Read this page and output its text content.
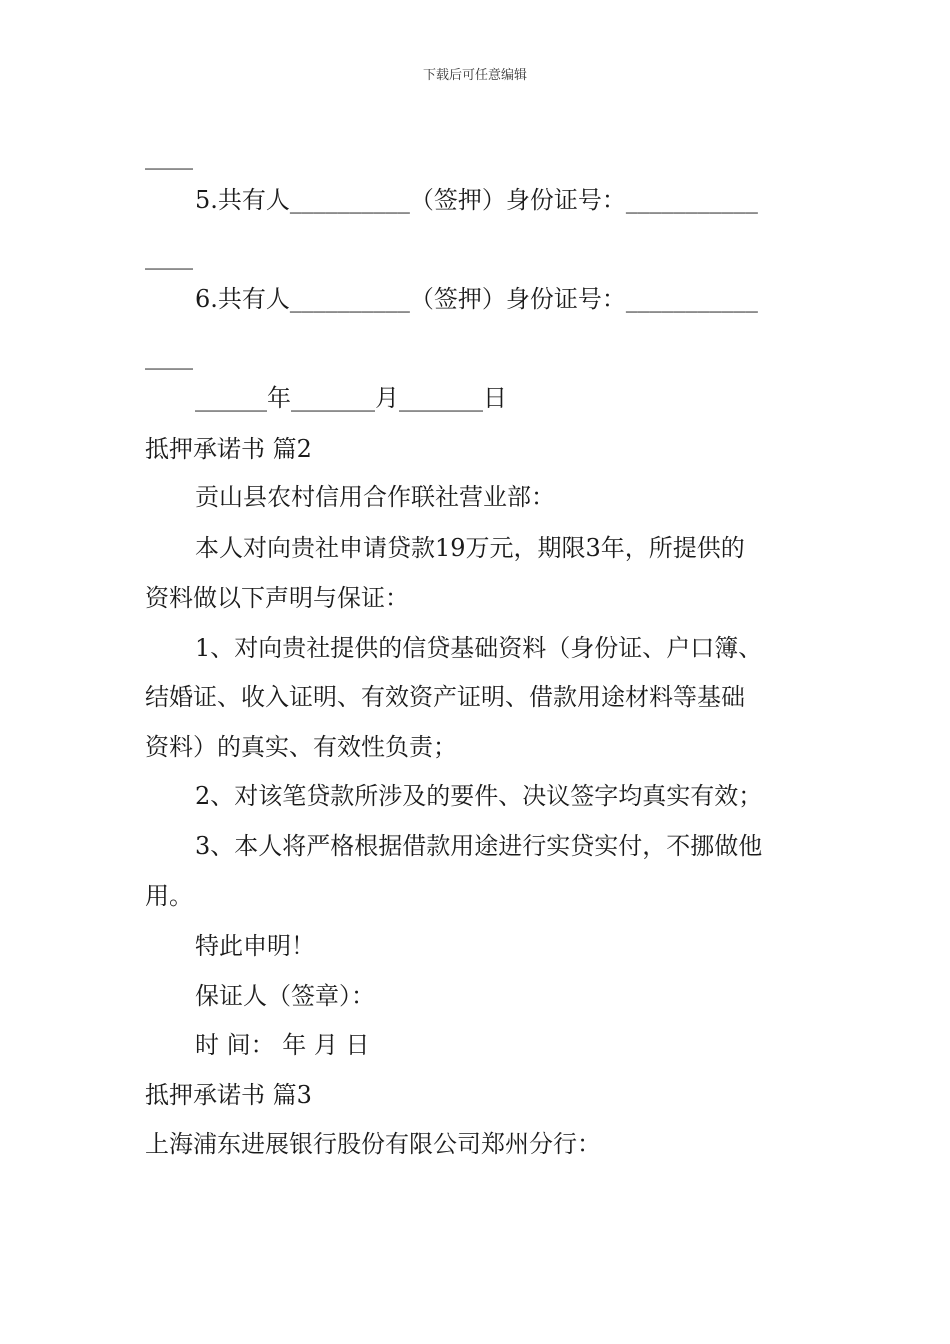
下载后可任意编辑
____
5.共有人__________（签押）身份证号：___________
____
6.共有人__________（签押）身份证号：___________
____
______年_______月_______日
抵押承诺书 篇2
贡山县农村信用合作联社营业部：
本人对向贵社申请贷款19万元，期限3年，所提供的
资料做以下声明与保证：
1、对向贵社提供的信贷基础资料（身份证、户口簿、
结婚证、收入证明、有效资产证明、借款用途材料等基础
资料）的真实、有效性负责；
2、对该笔贷款所涉及的要件、决议签字均真实有效；
3、本人将严格根据借款用途进行实贷实付，不挪做他
用。
特此申明！
保证人（签章）：
时 间： 年 月 日
抵押承诺书 篇3
上海浦东进展银行股份有限公司郑州分行：
